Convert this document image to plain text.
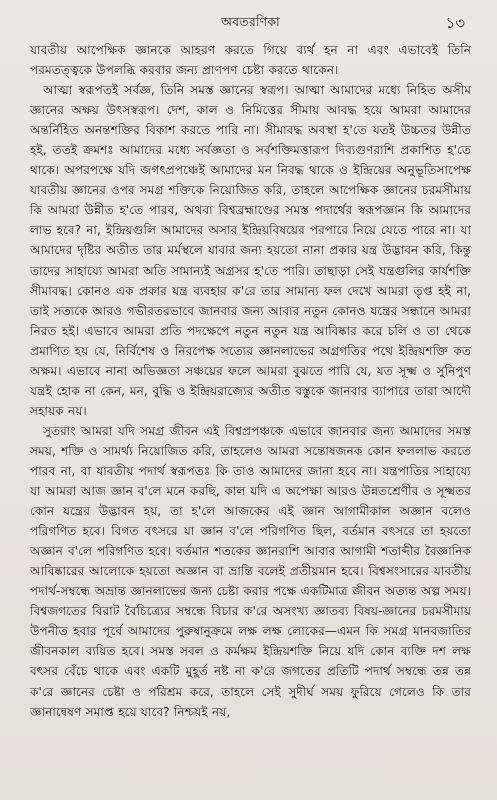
অবতরণিকা	১৩

যাবতীয় আপেক্ষিক জ্ঞানকে আহরণ করতে গিয়ে ব্যর্থ হন না এবং এভাবেই তিনি পরমতত্ত্বকে উপলব্ধি করবার জন্য প্রাণপণ চেষ্টা করতে থাকেন।

আত্মা স্বরূপতই সর্বজ্ঞ, তিনি সমস্ত জ্ঞানের স্বরূপ। আত্মা আমাদের মধ্যে নিহিত অসীম জ্ঞানের অক্ষয় উৎসস্বরূপ। দেশ, কাল ও নিমিত্তের সীমায় আবদ্ধ হয়ে আমরা আমাদের অন্তর্নিহিত অনন্তশক্তির বিকাশ করতে পারি না। সীমাবদ্ধ অবস্থা হ'তে যতই উচ্চতর উন্নীত হই, ততই ক্রমশঃ আমাদের মধ্যে সর্বজ্ঞতা ও সর্বশক্তিমত্তারূপ দিব্যগুণরাশি প্রকাশিত হ'তে থাকে। অপরপক্ষে যদি জগৎপ্রপঞ্চেই আমাদের মন নিবদ্ধ থাকে ও ইন্দ্রিয়ের অনুভূতিসাপেক্ষ যাবতীয় জ্ঞানের ওপর সমগ্র শক্তিকে নিয়োজিত করি, তাহলে আপেক্ষিক জ্ঞানের চরমসীমায় কি আমরা উন্নীত হ'তে পারব, অথবা বিশ্বব্রহ্মাণ্ডের সমস্ত পদার্থের স্বরূপজ্ঞান কি আমাদের লাভ হবে? না, ইন্দ্রিয়গুলি আমাদের অসার ইন্দ্রিয়বিষয়ের পরপারে নিয়ে যেতে পারে না। যা আমাদের দৃষ্টির অতীত তার মর্মস্থলে যাবার জন্য হয়তো নানা প্রকার যন্ত্র উদ্ভাবন করি, কিন্তু তাদের সাহায্যে আমরা অতি সামান্যই অগ্রসর হ'তে পারি। তাছাড়া সেই যন্ত্রগুলির কার্যশক্তি সীমাবদ্ধ। কোনও এক প্রকার যন্ত্র ব্যবহার ক'রে তার সামান্য ফল দেখে আমরা তৃপ্ত হই না, তাই সত্যকে আরও গভীরতরভাবে জানবার জন্য আবার নতুন কোনও যন্ত্রের সন্ধানে আমরা নিরত হই। এভাবে আমরা প্রতি পদক্ষেপে নতুন নতুন যন্ত্র আবিষ্কার করে চলি ও তা থেকে প্রমাণিত হয় যে, নির্বিশেষ ও নিরপেক্ষ সত্যের জ্ঞানলাভের অগ্রগতির পথে ইন্দ্রিয়শক্তি কত অক্ষম। এভাবে নানা অভিজ্ঞতা সঞ্চয়ের ফলে আমরা বুঝতে পারি যে, যত সূক্ষ্ম ও সুনিপুণ যন্ত্রই হোক না কেন, মন, বুদ্ধি ও ইন্দ্রিয়রাজ্যের অতীত বস্তুকে জানবার ব্যাপারে তারা আদৌ সহায়ক নয়।

সুতরাং আমরা যদি সমগ্র জীবন এই বিশ্বপ্রপঞ্চকে এভাবে জানবার জন্য আমাদের সমস্ত সময়, শক্তি ও সামর্থ্য নিয়োজিত করি, তাহলেও আমরা সন্তোষজনক কোন ফললাভ করতে পারব না, বা যাবতীয় পদার্থ স্বরূপতঃ কি তাও আমাদের জানা হবে না। যন্ত্রপাতির সাহায্যে যা আমরা আজ জ্ঞান ব'লে মনে করছি, কাল যদি এ অপেক্ষা আরও উন্নতশ্রেণীর ও সূক্ষ্মতর কোন যন্ত্রের উদ্ভাবন হয়, তা হ'লে আজকের এই জ্ঞান আগামীকাল অজ্ঞান বলেও পরিগণিত হবে। বিগত বৎসরে যা জ্ঞান ব'লে পরিগণিত ছিল, বর্তমান বৎসরে তা হয়তো অজ্ঞান ব'লে পরিগণিত হবে। বর্তমান শতকের জ্ঞানরাশি আবার আগামী শতাব্দীর বৈজ্ঞানিক আবিষ্কারের আলোকে হয়তো অজ্ঞান বা ভ্রান্তি বলেই প্রতীয়মান হবে। বিশ্বসংসারের যাবতীয় পদার্থ-সম্বন্ধে অভ্রান্ত জ্ঞানলাভের জন্য চেষ্টা করার পক্ষে একটিমাত্র জীবন অত্যন্ত অল্প সময়। বিশ্বজগতের বিরাট বৈচিত্র্যের সম্বন্ধে বিচার ক'রে অসংখ্য জ্ঞাতব্য বিষয়-জ্ঞানের চরমসীমায় উপনীত হবার পূর্বে আমাদের পুরুষানুক্রমে লক্ষ লক্ষ লোকের—এমন কি সমগ্র মানবজাতির জীবনকাল ব্যয়িত হবে। সমস্ত সবল ও কর্মক্ষম ইন্দ্রিয়শক্তি নিয়ে যদি কোন ব্যক্তি দশ লক্ষ বৎসর বেঁচে থাকে এবং একটি মুহূর্ত নষ্ট না ক'রে জগতের প্রতিটি পদার্থ সম্বন্ধে তন্ন তন্ন ক'রে জ্ঞানের চেষ্টা ও পরিশ্রম করে, তাহলে সেই সুদীর্ঘ সময় ফুরিয়ে গেলেও কি তার জ্ঞানান্বেষণ সমাপ্ত হয়ে যাবে? নিশ্চয়ই নয়,
